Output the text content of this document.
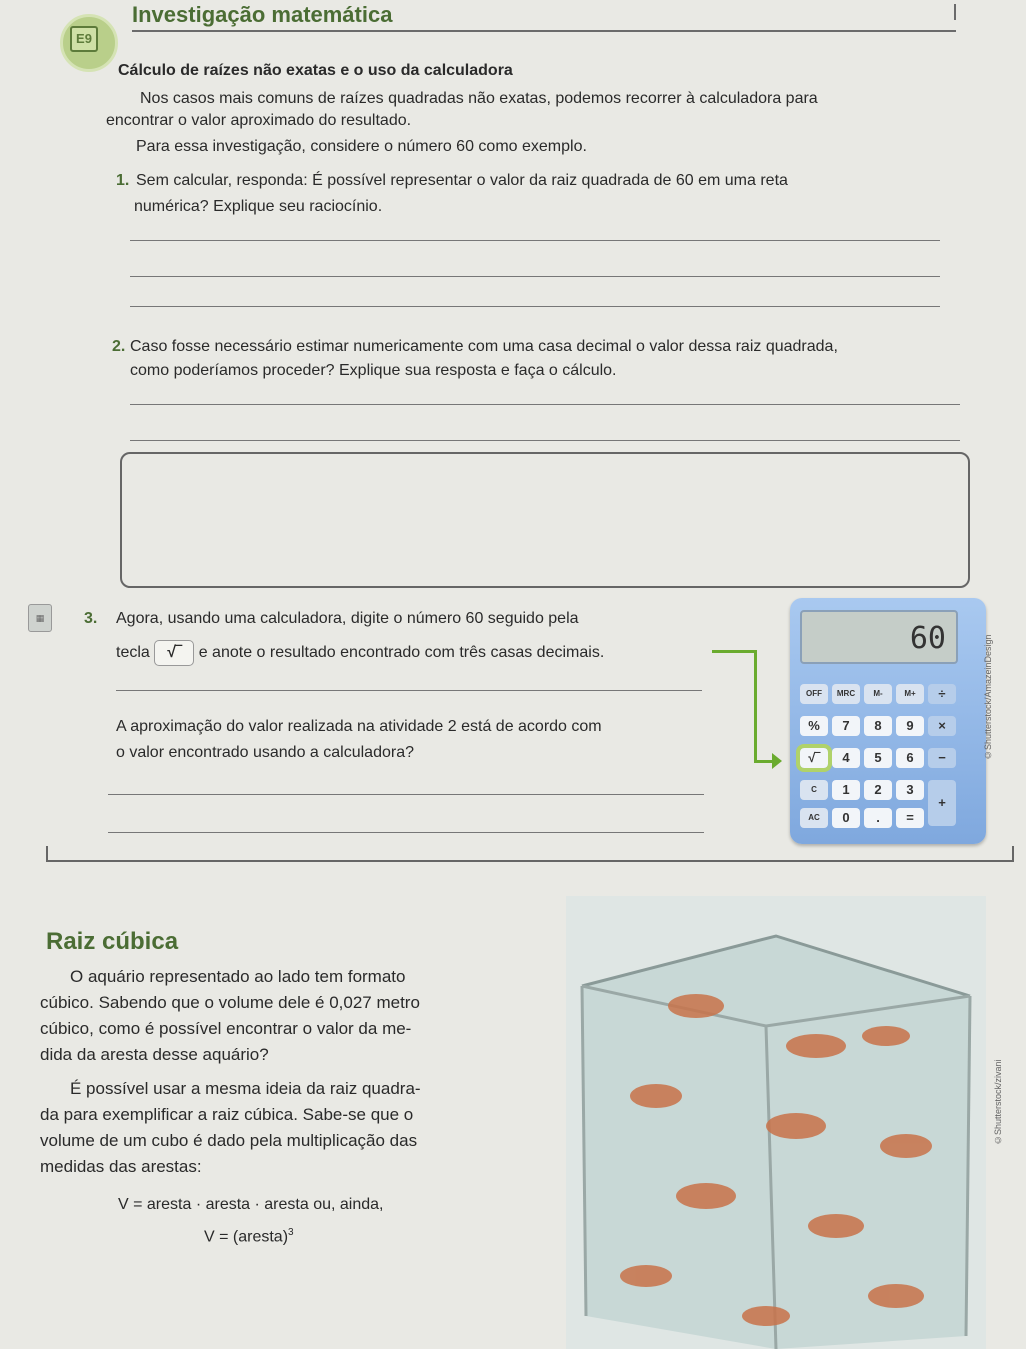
E9
Investigação matemática
Cálculo de raízes não exatas e o uso da calculadora

Nos casos mais comuns de raízes quadradas não exatas, podemos recorrer à calculadora para

encontrar o valor aproximado do resultado.

Para essa investigação, considere o número 60 como exemplo.

1. Sem calcular, responda: É possível representar o valor da raiz quadrada de 60 em uma reta

numérica? Explique seu raciocínio.

2. Caso fosse necessário estimar numericamente com uma casa decimal o valor dessa raiz quadrada,

como poderíamos proceder? Explique sua resposta e faça o cálculo.

▦	3. Agora, usando uma calculadora, digite o número 60 seguido pela

tecla √‾ e anote o resultado encontrado com três casas decimais.

A aproximação do valor realizada na atividade 2 está de acordo com

o valor encontrado usando a calculadora?

60
OFF	MRC	M-	M+	÷
%	7	8	9	×
√‾	4	5	6	−
C	1	2	3
+
AC	0	.	=
©Shutterstock/AmazeinDesign
Raiz cúbica

O aquário representado ao lado tem formato

cúbico. Sabendo que o volume dele é 0,027 metro

cúbico, como é possível encontrar o valor da me-

dida da aresta desse aquário?

É possível usar a mesma ideia da raiz quadra-

da para exemplificar a raiz cúbica. Sabe-se que o

volume de um cubo é dado pela multiplicação das

medidas das arestas:

V = aresta · aresta · aresta ou, ainda,

V = (aresta)$^3$

©Shutterstock/zivani
